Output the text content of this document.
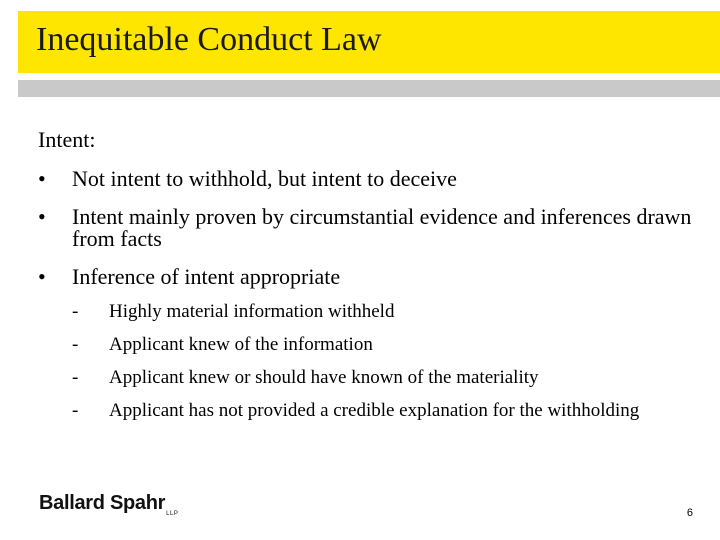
Inequitable Conduct Law
Intent:
•	Not intent to withhold, but intent to deceive
•	Intent mainly proven by circumstantial evidence and inferences drawn from facts
•	Inference of intent appropriate
-	Highly material information withheld
-	Applicant knew of the information
-	Applicant knew or should have known of the materiality
-	Applicant has not provided a credible explanation for the withholding
Ballard Spahr$_{LLP}$	6
